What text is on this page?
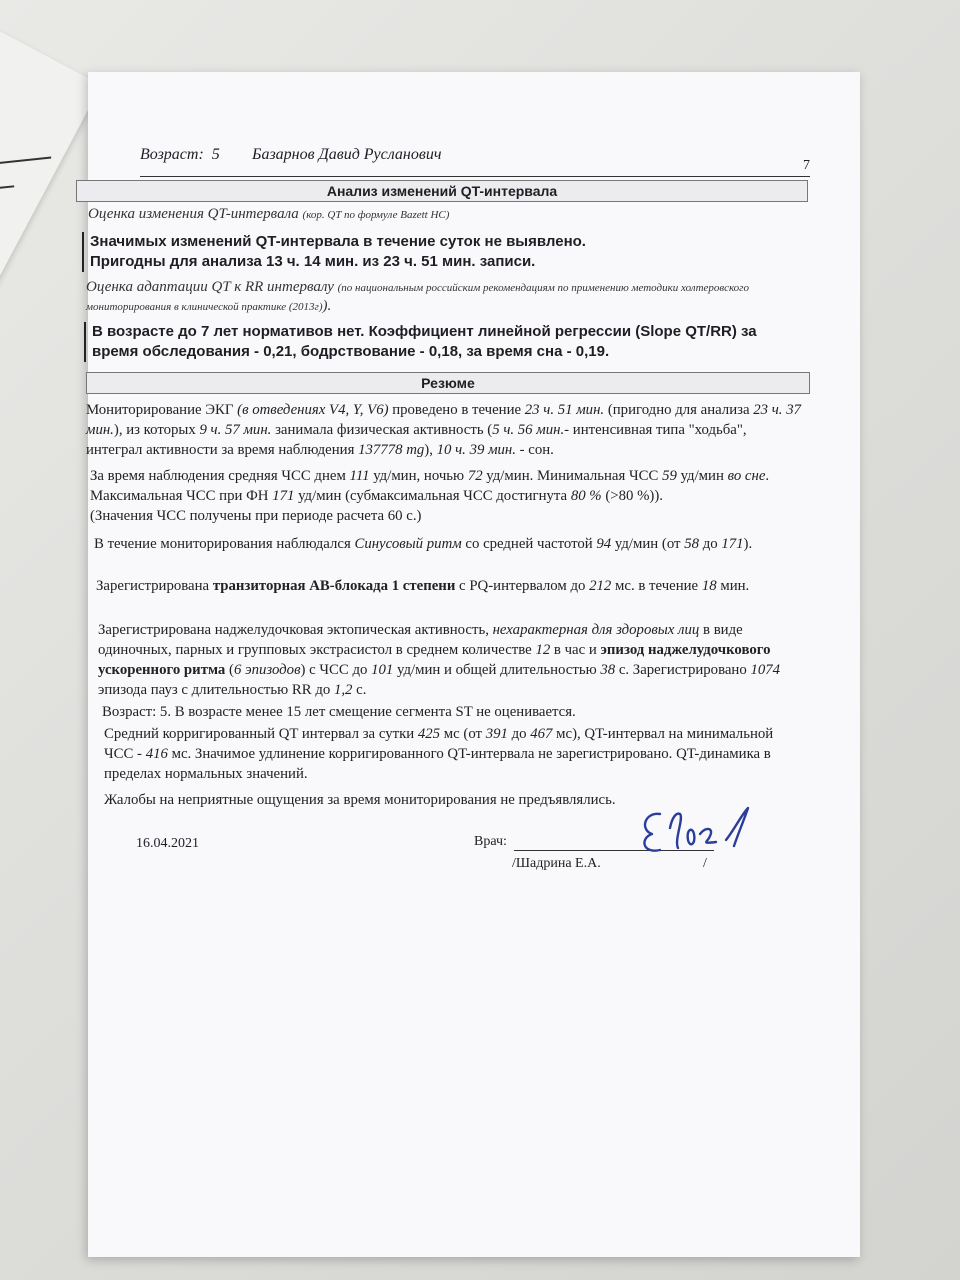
Возраст: 5 Базарнов Давид Русланович
7
Анализ изменений QT-интервала
Оценка изменения QT-интервала (кор. QT по формуле Bazett HC)
Значимых изменений QT-интервала в течение суток не выявлено.
Пригодны для анализа 13 ч. 14 мин. из 23 ч. 51 мин. записи.
Оценка адаптации QT к RR интервалу (по национальным российским рекомендациям по применению методики холтеровского мониторирования в клинической практике (2013г)).
В возрасте до 7 лет нормативов нет. Коэффициент линейной регрессии (Slope QT/RR) за
время обследования - 0,21, бодрствование - 0,18, за время сна - 0,19.
Резюме
Мониторирование ЭКГ (в отведениях V4, Y, V6) проведено в течение 23 ч. 51 мин. (пригодно для анализа 23 ч. 37 мин.), из которых 9 ч. 57 мин. занимала физическая активность (5 ч. 56 мин.- интенсивная типа "ходьба", интеграл активности за время наблюдения 137778 mg), 10 ч. 39 мин. - сон.
За время наблюдения средняя ЧСС днем 111 уд/мин, ночью 72 уд/мин. Минимальная ЧСС 59 уд/мин во сне. Максимальная ЧСС при ФН 171 уд/мин (субмаксимальная ЧСС достигнута 80 % (>80 %)).
(Значения ЧСС получены при периоде расчета 60 с.)
В течение мониторирования наблюдался Синусовый ритм со средней частотой 94 уд/мин (от 58 до 171).
Зарегистрирована транзиторная АВ-блокада 1 степени с PQ-интервалом до 212 мс. в течение 18 мин.
Зарегистрирована наджелудочковая эктопическая активность, нехарактерная для здоровых лиц в виде одиночных, парных и групповых экстрасистол в среднем количестве 12 в час и эпизод наджелудочкового ускоренного ритма (6 эпизодов) с ЧСС до 101 уд/мин и общей длительностью 38 с. Зарегистрировано 1074 эпизода пауз с длительностью RR до 1,2 с.
Возраст: 5. В возрасте менее 15 лет смещение сегмента ST не оценивается.
Средний корригированный QT интервал за сутки 425 мс (от 391 до 467 мс), QT-интервал на минимальной ЧСС - 416 мс. Значимое удлинение корригированного QT-интервала не зарегистрировано. QT-динамика в пределах нормальных значений.
Жалобы на неприятные ощущения за время мониторирования не предъявлялись.
16.04.2021	Врач:
/Шадрина Е.А.	/
